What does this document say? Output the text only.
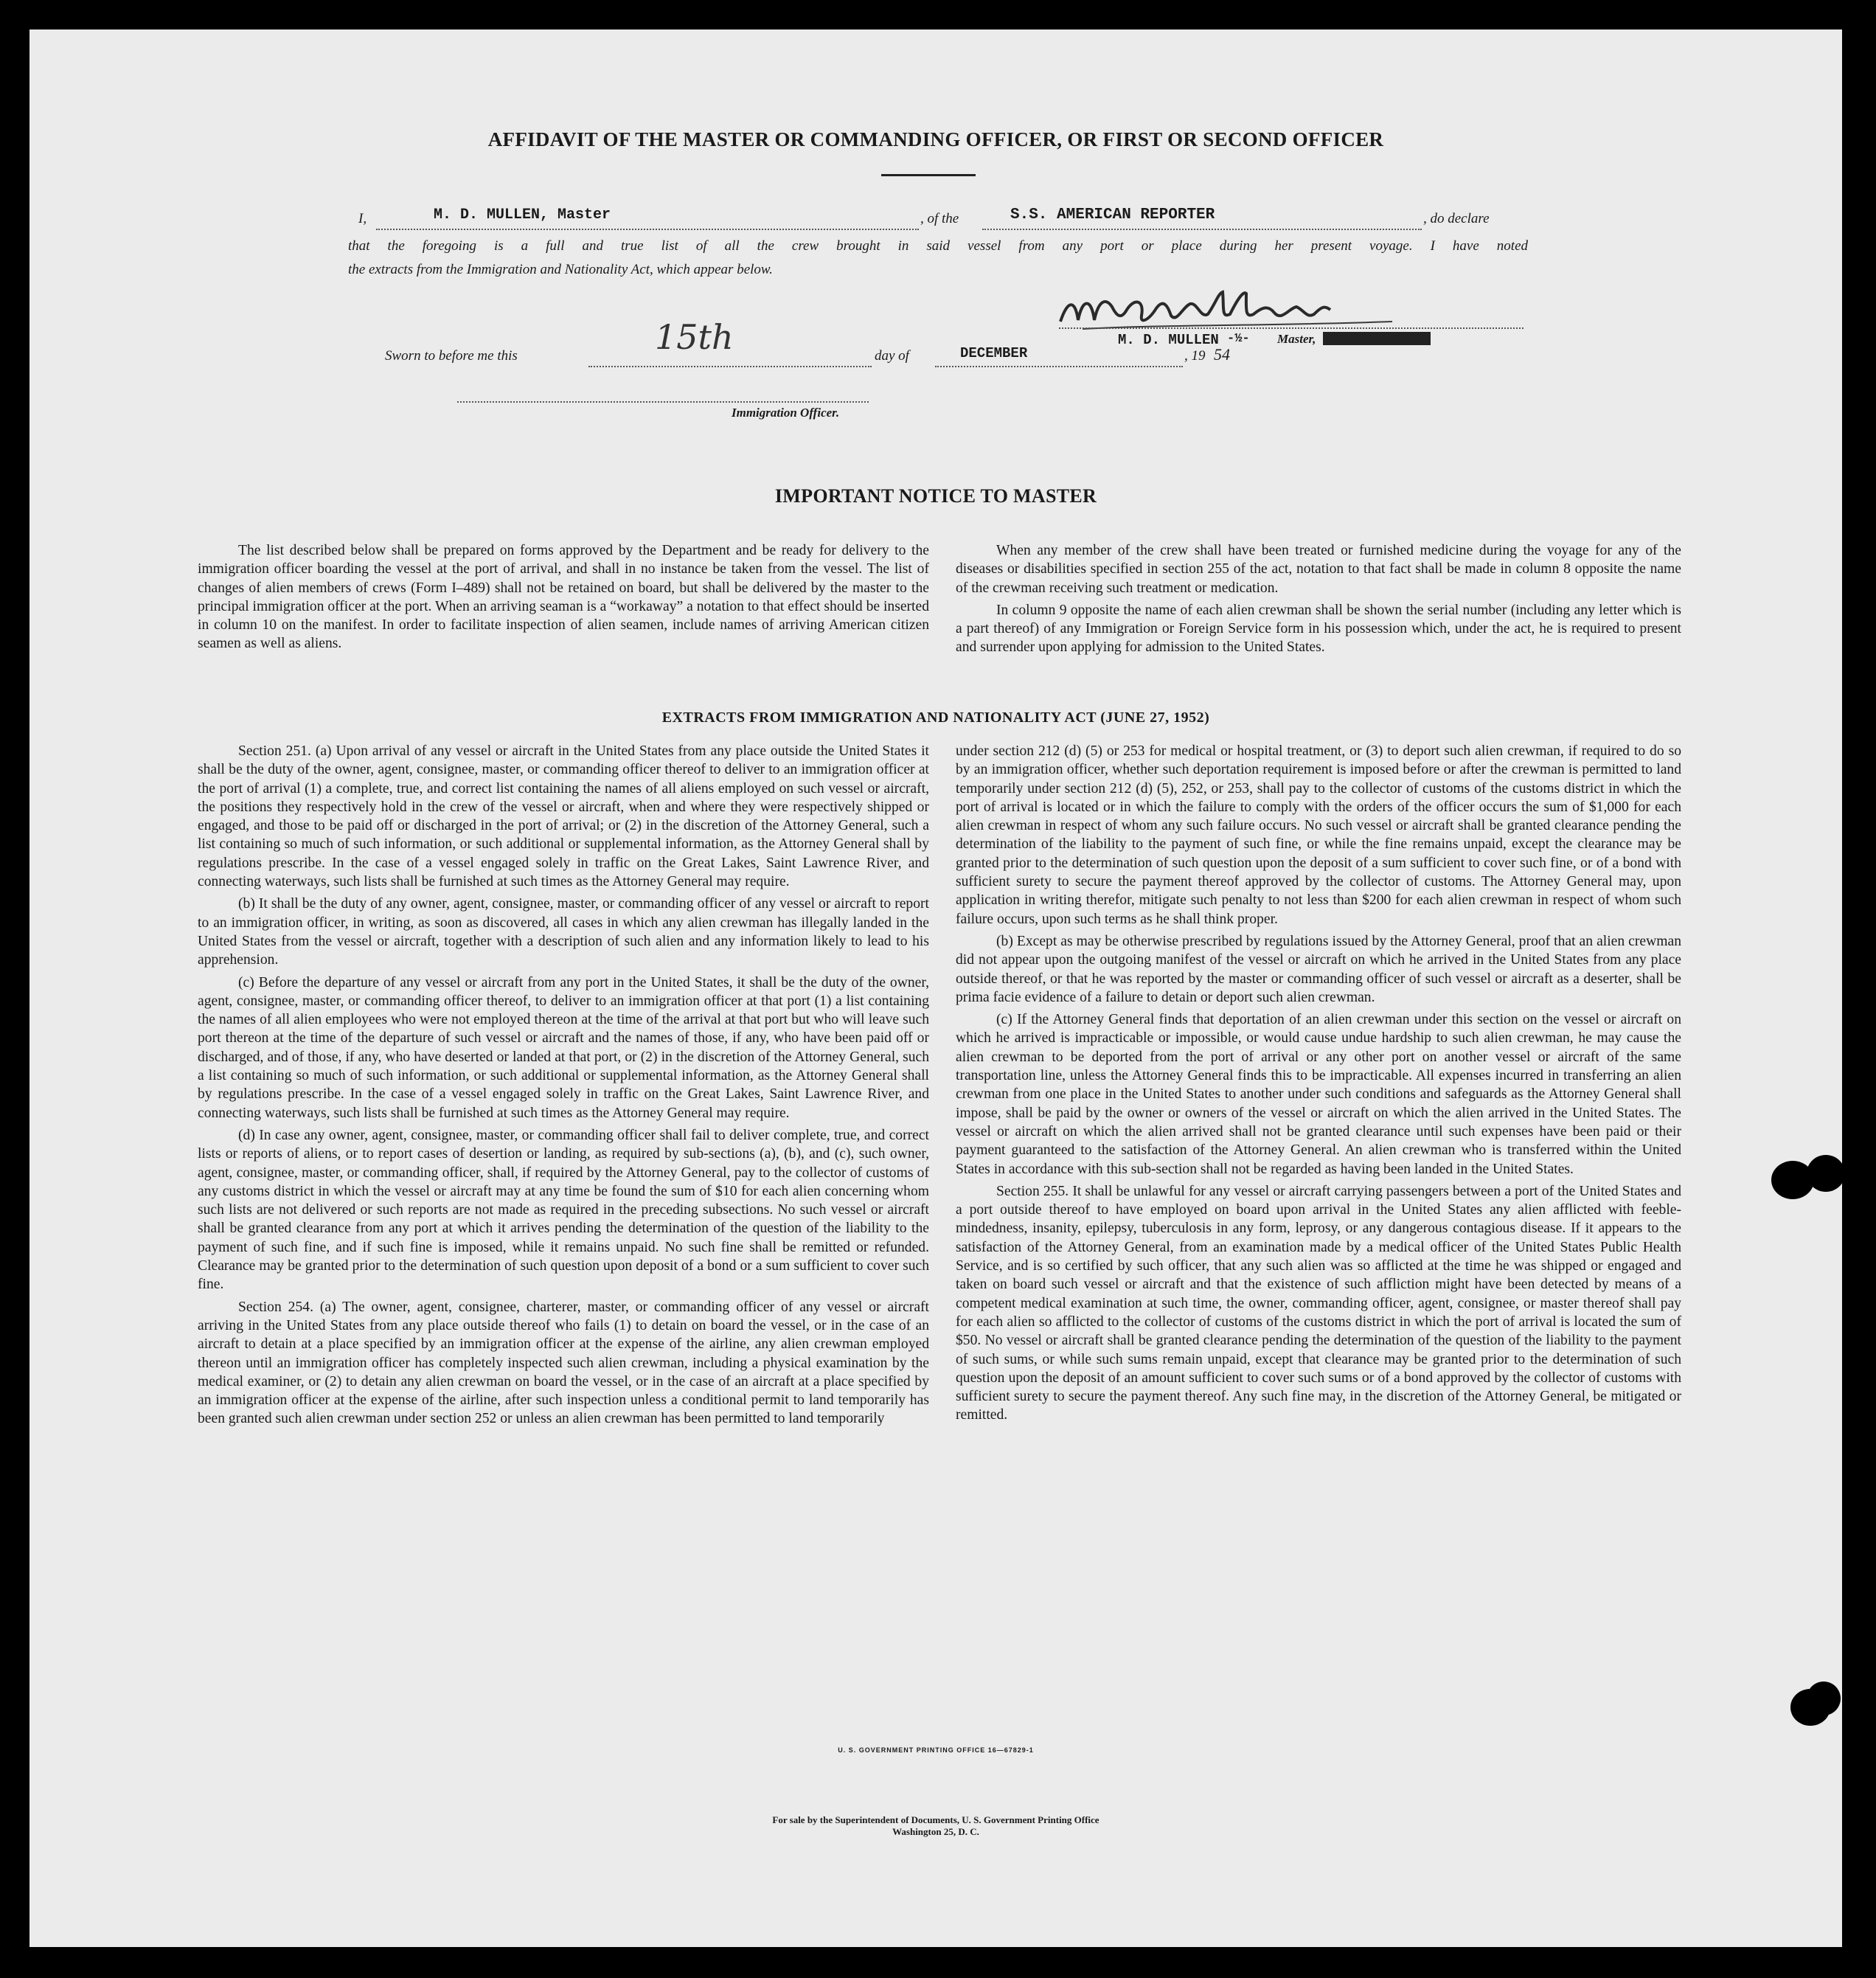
AFFIDAVIT OF THE MASTER OR COMMANDING OFFICER, OR FIRST OR SECOND OFFICER
I,	M. D. MULLEN, Master	, of the	S.S. AMERICAN REPORTER	, do declare
that the foregoing is a full and true list of all the crew brought in said vessel from any port or place during her present voyage. I have noted
the extracts from the Immigration and Nationality Act, which appear below.
Sworn to before me this	15th	day of	DECEMBER	, 19 54
M. D. MULLEN -½- Master, Commanding Officer
Immigration Officer.
IMPORTANT NOTICE TO MASTER

The list described below shall be prepared on forms approved by the Department and be ready for delivery to the immigration officer boarding the vessel at the port of arrival, and shall in no instance be taken from the vessel. The list of changes of alien members of crews (Form I–489) shall not be retained on board, but shall be delivered by the master to the principal immigration officer at the port. When an arriving seaman is a “workaway” a notation to that effect should be inserted in column 10 on the manifest. In order to facilitate inspection of alien seamen, include names of arriving American citizen seamen as well as aliens.

When any member of the crew shall have been treated or furnished medicine during the voyage for any of the diseases or disabilities specified in section 255 of the act, notation to that fact shall be made in column 8 opposite the name of the crewman receiving such treatment or medication.

In column 9 opposite the name of each alien crewman shall be shown the serial number (including any letter which is a part thereof) of any Immigration or Foreign Service form in his possession which, under the act, he is required to present and surrender upon applying for admission to the United States.

EXTRACTS FROM IMMIGRATION AND NATIONALITY ACT (JUNE 27, 1952)

Section 251. (a) Upon arrival of any vessel or aircraft in the United States from any place outside the United States it shall be the duty of the owner, agent, consignee, master, or commanding officer thereof to deliver to an immigration officer at the port of arrival (1) a complete, true, and correct list containing the names of all aliens employed on such vessel or aircraft, the positions they respectively hold in the crew of the vessel or aircraft, when and where they were respectively shipped or engaged, and those to be paid off or discharged in the port of arrival; or (2) in the discretion of the Attorney General, such a list containing so much of such information, or such additional or supplemental information, as the Attorney General shall by regulations prescribe. In the case of a vessel engaged solely in traffic on the Great Lakes, Saint Lawrence River, and connecting waterways, such lists shall be furnished at such times as the Attorney General may require.

(b) It shall be the duty of any owner, agent, consignee, master, or commanding officer of any vessel or aircraft to report to an immigration officer, in writing, as soon as discovered, all cases in which any alien crewman has illegally landed in the United States from the vessel or aircraft, together with a description of such alien and any information likely to lead to his apprehension.

(c) Before the departure of any vessel or aircraft from any port in the United States, it shall be the duty of the owner, agent, consignee, master, or commanding officer thereof, to deliver to an immigration officer at that port (1) a list containing the names of all alien employees who were not employed thereon at the time of the arrival at that port but who will leave such port thereon at the time of the departure of such vessel or aircraft and the names of those, if any, who have been paid off or discharged, and of those, if any, who have deserted or landed at that port, or (2) in the discretion of the Attorney General, such a list containing so much of such information, or such additional or supplemental information, as the Attorney General shall by regulations prescribe. In the case of a vessel engaged solely in traffic on the Great Lakes, Saint Lawrence River, and connecting waterways, such lists shall be furnished at such times as the Attorney General may require.

(d) In case any owner, agent, consignee, master, or commanding officer shall fail to deliver complete, true, and correct lists or reports of aliens, or to report cases of desertion or landing, as required by sub-sections (a), (b), and (c), such owner, agent, consignee, master, or commanding officer, shall, if required by the Attorney General, pay to the collector of customs of any customs district in which the vessel or aircraft may at any time be found the sum of $10 for each alien concerning whom such lists are not delivered or such reports are not made as required in the preceding subsections. No such vessel or aircraft shall be granted clearance from any port at which it arrives pending the determination of the question of the liability to the payment of such fine, and if such fine is imposed, while it remains unpaid. No such fine shall be remitted or refunded. Clearance may be granted prior to the determination of such question upon deposit of a bond or a sum sufficient to cover such fine.

Section 254. (a) The owner, agent, consignee, charterer, master, or commanding officer of any vessel or aircraft arriving in the United States from any place outside thereof who fails (1) to detain on board the vessel, or in the case of an aircraft to detain at a place specified by an immigration officer at the expense of the airline, any alien crewman employed thereon until an immigration officer has completely inspected such alien crewman, including a physical examination by the medical examiner, or (2) to detain any alien crewman on board the vessel, or in the case of an aircraft at a place specified by an immigration officer at the expense of the airline, after such inspection unless a conditional permit to land temporarily has been granted such alien crewman under section 252 or unless an alien crewman has been permitted to land temporarily

under section 212 (d) (5) or 253 for medical or hospital treatment, or (3) to deport such alien crewman, if required to do so by an immigration officer, whether such deportation requirement is imposed before or after the crewman is permitted to land temporarily under section 212 (d) (5), 252, or 253, shall pay to the collector of customs of the customs district in which the port of arrival is located or in which the failure to comply with the orders of the officer occurs the sum of $1,000 for each alien crewman in respect of whom any such failure occurs. No such vessel or aircraft shall be granted clearance pending the determination of the liability to the payment of such fine, or while the fine remains unpaid, except the clearance may be granted prior to the determination of such question upon the deposit of a sum sufficient to cover such fine, or of a bond with sufficient surety to secure the payment thereof approved by the collector of customs. The Attorney General may, upon application in writing therefor, mitigate such penalty to not less than $200 for each alien crewman in respect of whom such failure occurs, upon such terms as he shall think proper.

(b) Except as may be otherwise prescribed by regulations issued by the Attorney General, proof that an alien crewman did not appear upon the outgoing manifest of the vessel or aircraft on which he arrived in the United States from any place outside thereof, or that he was reported by the master or commanding officer of such vessel or aircraft as a deserter, shall be prima facie evidence of a failure to detain or deport such alien crewman.

(c) If the Attorney General finds that deportation of an alien crewman under this section on the vessel or aircraft on which he arrived is impracticable or impossible, or would cause undue hardship to such alien crewman, he may cause the alien crewman to be deported from the port of arrival or any other port on another vessel or aircraft of the same transportation line, unless the Attorney General finds this to be impracticable. All expenses incurred in transferring an alien crewman from one place in the United States to another under such conditions and safeguards as the Attorney General shall impose, shall be paid by the owner or owners of the vessel or aircraft on which the alien arrived in the United States. The vessel or aircraft on which the alien arrived shall not be granted clearance until such expenses have been paid or their payment guaranteed to the satisfaction of the Attorney General. An alien crewman who is transferred within the United States in accordance with this sub-section shall not be regarded as having been landed in the United States.

Section 255. It shall be unlawful for any vessel or aircraft carrying passengers between a port of the United States and a port outside thereof to have employed on board upon arrival in the United States any alien afflicted with feeble-mindedness, insanity, epilepsy, tuberculosis in any form, leprosy, or any dangerous contagious disease. If it appears to the satisfaction of the Attorney General, from an examination made by a medical officer of the United States Public Health Service, and is so certified by such officer, that any such alien was so afflicted at the time he was shipped or engaged and taken on board such vessel or aircraft and that the existence of such affliction might have been detected by means of a competent medical examination at such time, the owner, commanding officer, agent, consignee, or master thereof shall pay for each alien so afflicted to the collector of customs of the customs district in which the port of arrival is located the sum of $50. No vessel or aircraft shall be granted clearance pending the determination of the question of the liability to the payment of such sums, or while such sums remain unpaid, except that clearance may be granted prior to the determination of such question upon the deposit of an amount sufficient to cover such sums or of a bond approved by the collector of customs with sufficient surety to secure the payment thereof. Any such fine may, in the discretion of the Attorney General, be mitigated or remitted.

U. S. GOVERNMENT PRINTING OFFICE 16—67829-1
For sale by the Superintendent of Documents, U. S. Government Printing Office
Washington 25, D. C.
